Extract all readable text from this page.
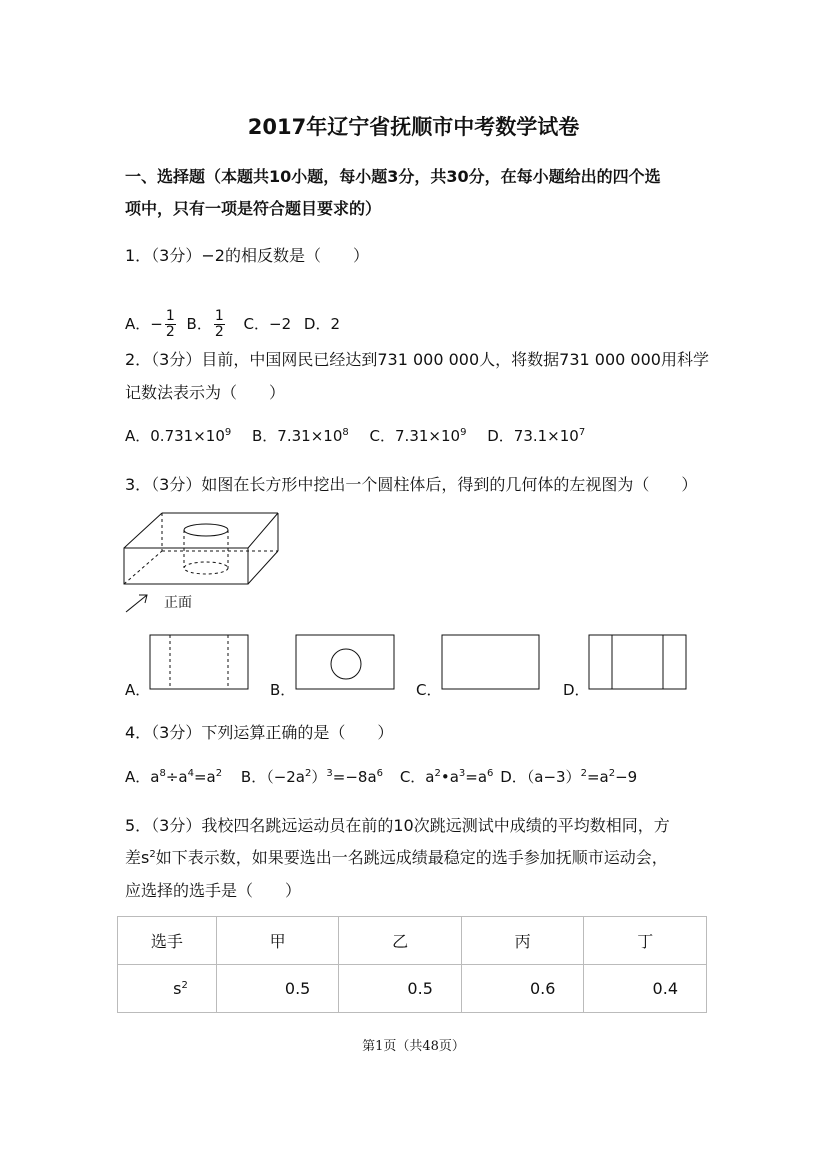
2017年辽宁省抚顺市中考数学试卷
一、选择题（本题共10小题，每小题3分，共30分，在每小题给出的四个选
项中，只有一项是符合题目要求的）
1．（3分）−2的相反数是（　　）
A．− $\frac{1}{2}$ B． $\frac{1}{2}$ C．−2 D．2
2．（3分）目前，中国网民已经达到731 000 000人，将数据731 000 000用科学
记数法表示为（　　）
A．$0.731\times 10^9$ B．$7.31\times 10^8$ C．$7.31\times 10^9$ D．$73.1\times 10^7$
3．（3分）如图在长方形中挖出一个圆柱体后，得到的几何体的左视图为（　　）
正面
A．	B．	C．	D．
4．（3分）下列运算正确的是（　　）
A．$a^8\div a^4=a^2$ B．$(-2a^2)^3=-8a^6$ C．$a^2•a^3=a^6$ D．$(a-3)^2=a^2-9$
5．（3分）我校四名跳远运动员在前的10次跳远测试中成绩的平均数相同，方
差$s^2$如下表示数，如果要选出一名跳远成绩最稳定的选手参加抚顺市运动会，
应选择的选手是（　　）
选手	甲	乙	丙	丁
$s^2$	0.5	0.5	0.6	0.4
第1页（共48页）
